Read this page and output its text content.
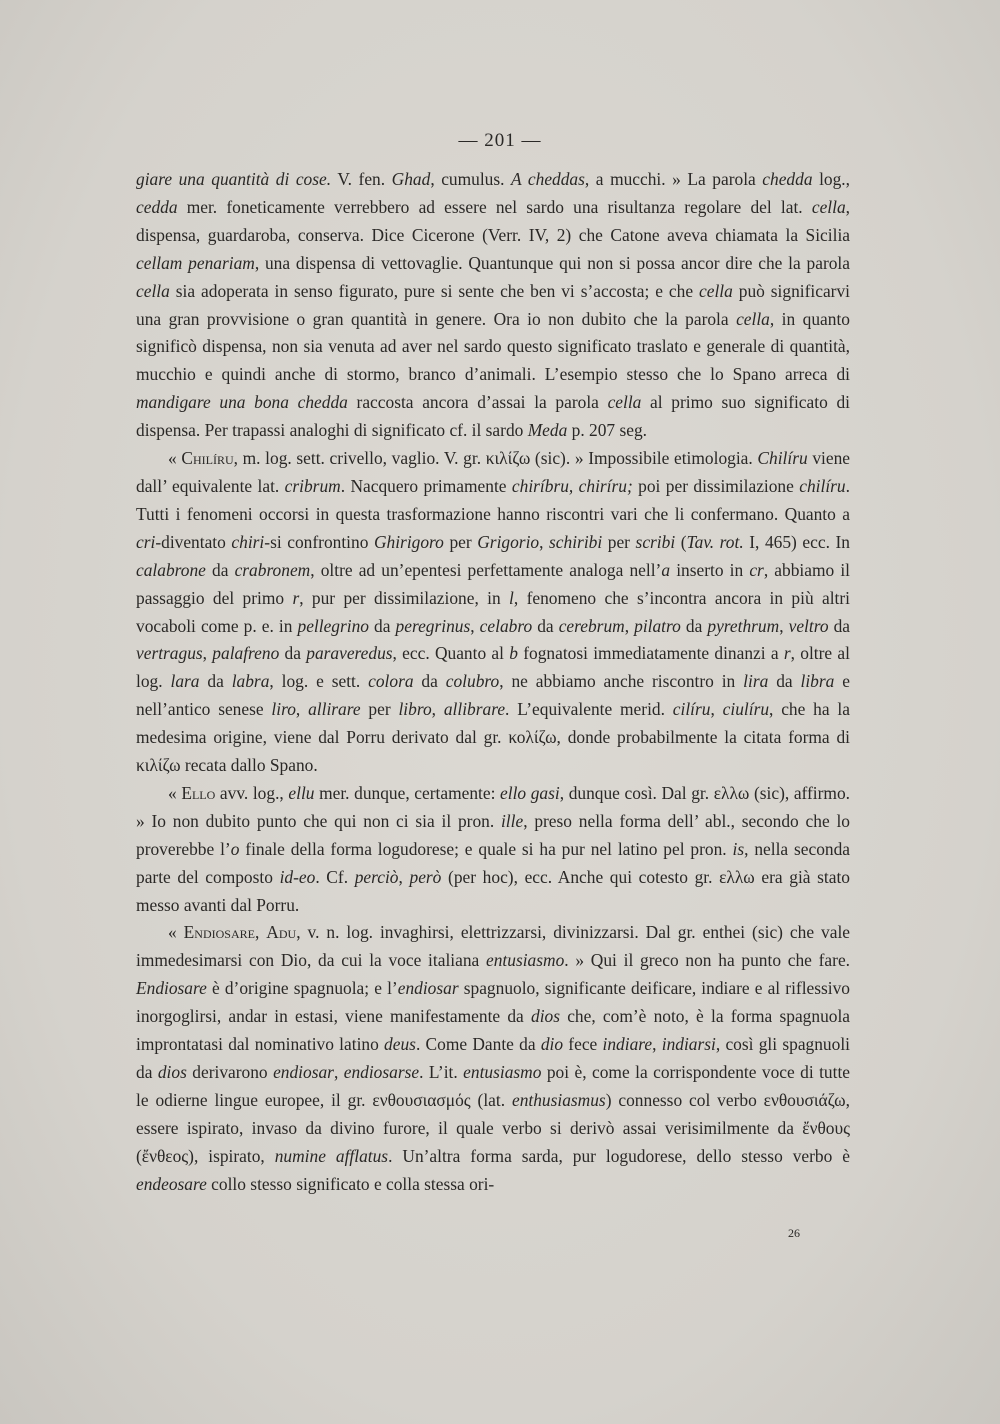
— 201 —

giare una quantità di cose. V. fen. Ghad, cumulus. A cheddas, a mucchi. » La parola chedda log., cedda mer. foneticamente verrebbero ad essere nel sardo una risultanza regolare del lat. cella, dispensa, guardaroba, conserva. Dice Cicerone (Verr. IV, 2) che Catone aveva chiamata la Sicilia cellam penariam, una dispensa di vettovaglie. Quantunque qui non si possa ancor dire che la parola cella sia adoperata in senso figurato, pure si sente che ben vi s’accosta; e che cella può significarvi una gran provvisione o gran quantità in genere. Ora io non dubito che la parola cella, in quanto significò dispensa, non sia venuta ad aver nel sardo questo significato traslato e generale di quantità, mucchio e quindi anche di stormo, branco d’animali. L’esempio stesso che lo Spano arreca di mandigare una bona chedda raccosta ancora d’assai la parola cella al primo suo significato di dispensa. Per trapassi analoghi di significato cf. il sardo Meda p. 207 seg.

« Chilíru, m. log. sett. crivello, vaglio. V. gr. κιλίζω (sic). » Impossibile etimologia. Chilíru viene dall’ equivalente lat. cribrum. Nacquero primamente chiríbru, chiríru; poi per dissimilazione chilíru. Tutti i fenomeni occorsi in questa trasformazione hanno riscontri vari che li confermano. Quanto a cri-diventato chiri-si confrontino Ghirigoro per Grigorio, schiribi per scribi (Tav. rot. I, 465) ecc. In calabrone da crabronem, oltre ad un’epentesi perfettamente analoga nell’a inserto in cr, abbiamo il passaggio del primo r, pur per dissimilazione, in l, fenomeno che s’incontra ancora in più altri vocaboli come p. e. in pellegrino da peregrinus, celabro da cerebrum, pilatro da pyrethrum, veltro da vertragus, palafreno da paraveredus, ecc. Quanto al b fognatosi immediatamente dinanzi a r, oltre al log. lara da labra, log. e sett. colora da colubro, ne abbiamo anche riscontro in lira da libra e nell’antico senese liro, allirare per libro, allibrare. L’equivalente merid. cilíru, ciulíru, che ha la medesima origine, viene dal Porru derivato dal gr. κολίζω, donde probabilmente la citata forma di κιλίζω recata dallo Spano.

« Ello avv. log., ellu mer. dunque, certamente: ello gasi, dunque così. Dal gr. ελλω (sic), affirmo. » Io non dubito punto che qui non ci sia il pron. ille, preso nella forma dell’ abl., secondo che lo proverebbe l’o finale della forma logudorese; e quale si ha pur nel latino pel pron. is, nella seconda parte del composto id-eo. Cf. perciò, però (per hoc), ecc. Anche qui cotesto gr. ελλω era già stato messo avanti dal Porru.

« Endiosare, Adu, v. n. log. invaghirsi, elettrizzarsi, divinizzarsi. Dal gr. enthei (sic) che vale immedesimarsi con Dio, da cui la voce italiana entusiasmo. » Qui il greco non ha punto che fare. Endiosare è d’origine spagnuola; e l’endiosar spagnuolo, significante deificare, indiare e al riflessivo inorgoglirsi, andar in estasi, viene manifestamente da dios che, com’è noto, è la forma spagnuola improntatasi dal nominativo latino deus. Come Dante da dio fece indiare, indiarsi, così gli spagnuoli da dios derivarono endiosar, endiosarse. L’it. entusiasmo poi è, come la corrispondente voce di tutte le odierne lingue europee, il gr. ενθουσιασμός (lat. enthusiasmus) connesso col verbo ενθουσιάζω, essere ispirato, invaso da divino furore, il quale verbo si derivò assai verisimilmente da ἔνθους (ἔνθεος), ispirato, numine afflatus. Un’altra forma sarda, pur logudorese, dello stesso verbo è endeosare collo stesso significato e colla stessa ori-

26
